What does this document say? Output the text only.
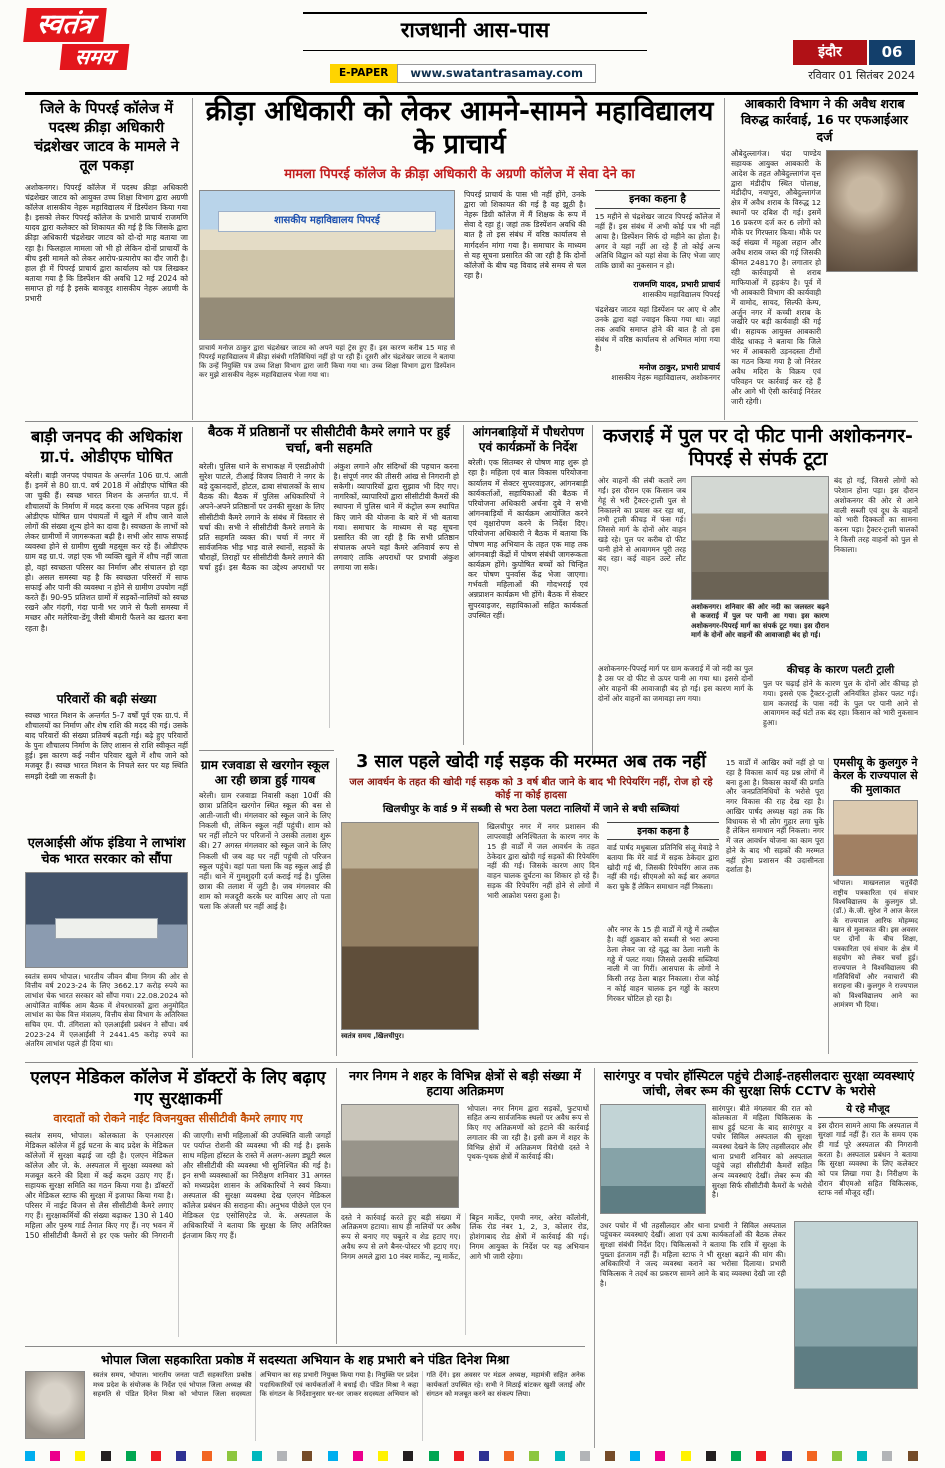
स्वतंत्र समय
राजधानी आस-पास
इंदौर	06
E-PAPER	www.swatantrasamay.com	रविवार 01 सितंबर 2024
जिले के पिपरई कॉलेज में पदस्थ क्रीड़ा अधिकारी चंद्रशेखर जाटव के मामले ने तूल पकड़ा
अशोकनगर। पिपरई कॉलेज में पदस्थ क्रीड़ा अधिकारी चंद्रशेखर जाटव को आयुक्त उच्च शिक्षा विभाग द्वारा अग्रणी कॉलेज शासकीय नेहरू महाविद्यालय में डिस्पेंशन किया गया है। इसको लेकर पिपरई कॉलेज के प्रभारी प्राचार्य राजमणि यादव द्वारा कलेक्टर को शिकायत की गई है कि जिसके द्वारा क्रीड़ा अधिकारी चंद्रशेखर जाटव को दो-दो माह बताया जा रहा है। फिलहाल मामला जो भी हो लेकिन दोनों प्राचार्यों के बीच इसी मामले को लेकर आरोप-प्रत्यारोप का दौर जारी है। हाल ही में पिपरई प्राचार्य द्वारा कार्यालय को पत्र लिखकर बताया गया है कि डिस्पेंशन की अवधि 12 मई 2024 को समाप्त हो गई है इसके बावजूद शासकीय नेहरू अग्रणी के प्रभारी
क्रीड़ा अधिकारी को लेकर आमने-सामने महाविद्यालय के प्राचार्य
मामला पिपरई कॉलेज के क्रीड़ा अधिकारी के अग्रणी कॉलेज में सेवा देने का
शासकीय महाविद्यालय पिपरई
प्राचार्य मनोज ठाकुर द्वारा चंद्रशेखर जाटव को अपने यहां ट्रेस हुए हैं। इस कारण करीब 15 माह से पिपरई महाविद्यालय में क्रीड़ा संबंधी गतिविधियां नहीं हो पा रही हैं। दूसरी ओर चंद्रशेखर जाटव ने बताया कि उन्हें नियुक्ति पत्र उच्च शिक्षा विभाग द्वारा जारी किया गया था। उच्च शिक्षा विभाग द्वारा डिस्पेंशन कर मुझे शासकीय नेहरू महाविद्यालय भेजा गया था।
पिपरई प्राचार्य के पास भी नहीं होंगे, उनके द्वारा जो शिकायत की गई है वह झूठी है। नेहरू डिग्री कॉलेज में मैं शिक्षक के रूप में सेवा दे रहा हूं। जहां तक डिस्पेंशन अवधि की बात है तो इस संबंध में वरिष्ठ कार्यालय से मार्गदर्शन मांगा गया है। समाचार के माध्यम से यह सूचना प्रसारित की जा रही है कि दोनों कॉलेजों के बीच यह विवाद लंबे समय से चल रहा है।
इनका कहना है
15 महीने से चंद्रशेखर जाटव पिपरई कॉलेज में नहीं हैं। इस संबंध में अभी कोई पत्र भी नहीं आया है। डिस्पेंशन सिर्फ दो महीने का होता है। अगर वे यहां नहीं आ रहे हैं तो कोई अन्य अतिथि विद्वान को यहां सेवा के लिए भेजा जाए ताकि छात्रों का नुकसान न हो।
राजमणि यादव, प्रभारी प्राचार्य
शासकीय महाविद्यालय पिपरई
चंद्रशेखर जाटव यहां डिस्पेंशन पर आए थे और उनके द्वारा यहां ज्वाइन किया गया था। जहां तक अवधि समाप्त होने की बात है तो इस संबंध में वरिष्ठ कार्यालय से अभिमत मांगा गया है।
मनोज ठाकुर, प्रभारी प्राचार्य
शासकीय नेहरू महाविद्यालय, अशोकनगर
आबकारी विभाग ने की अवैध शराब विरुद्ध कार्रवाई, 16 पर एफआईआर दर्ज
औबेदुल्लागंज। चंदा पाण्डेय सहायक आयुक्त आबकारी के आदेश के तहत औबेदुल्लागंज वृत्त द्वारा मंडीदीप स्थित पोलाक्ष, मंडीदीप, नयापुरा, औबेदुल्लागंज क्षेत्र में अवैध शराब के विरुद्ध 12 स्थानों पर दबिश दी गई। इसमें 16 प्रकरण दर्ज कर 6 लोगों को मौके पर गिरफ्तार किया। मौके पर कई संख्या में महुआ लहान और अवैध शराब जब्त की गई जिसकी कीमत 248170 है। लगातार हो रही कार्रवाइयों से शराब माफियाओं में हड़कंप है। पूर्व में भी आबकारी विभाग की कार्यवाही में वामोद, सायद, सिल्फी केम्प, अर्जुन नगर में कच्ची शराब के जखीरे पर बड़ी कार्यवाही की गई थी। सहायक आयुक्त आबकारी वीरेंद्र धाकड़ ने बताया कि जिले भर में आबकारी उड़नदस्ता टीमों का गठन किया गया है जो निरंतर अवैध मदिरा के विक्रय एवं परिवहन पर कार्रवाई कर रहे हैं और आगे भी ऐसी कार्रवाई निरंतर जारी रहेगी।
बाड़ी जनपद की अधिकांश ग्रा.पं. ओडीएफ घोषित
बरेली। बाड़ी जनपद पंचायत के अन्तर्गत 106 ग्रा.पं. आती हैं। इनमें से 80 ग्रा.पं. वर्ष 2018 में ओडीएफ घोषित की जा चुकी हैं। स्वच्छ भारत मिशन के अन्तर्गत ग्रा.पं. में शौचालयों के निर्माण में मदद करना एक अभिनव पहल हुई। ओडीएफ घोषित ग्राम पंचायतों में खुले में शौच जाने वाले लोगों की संख्या शून्य होने का दावा है। स्वच्छता के लाभों को लेकर ग्रामीणों में जागरूकता बढ़ी है। सभी ओर साफ सफाई व्यवस्था होने से ग्रामीण सुखी महसूस कर रहे हैं। ओडीएफ ग्राम वह ग्रा.पं. जहां एक भी व्यक्ति खुले में शौच नहीं जाता हो, वहां स्वच्छता परिसर का निर्माण और संचालन हो रहा हो। असल समस्या यह है कि स्वच्छता परिसरों में साफ सफाई और पानी की व्यवस्था न होने से ग्रामीण उपयोग नहीं करते हैं। 90-95 प्रतिशत ग्रामों में सड़कों-नालियों को स्वच्छ रखने और गंदगी, गंदा पानी भर जाने से फैली समस्या में मच्छर और मलेरिया-डेंगू जैसी बीमारी फैलने का खतरा बना रहता है।
परिवारों की बढ़ी संख्या
स्वच्छ भारत मिशन के अन्तर्गत 5-7 वर्षों पूर्व एक ग्रा.पं. में शौचालयों का निर्माण और शेष राशि की मदद की गई। उसके बाद परिवारों की संख्या प्रतिवर्ष बढ़ती गई। बढ़े हुए परिवारों के पुनः शौचालय निर्माण के लिए शासन से राशि स्वीकृत नहीं हुई। इस कारण कई नवीन परिवार खुले में शौच जाने को मजबूर हैं। स्वच्छ भारत मिशन के निचले स्तर पर यह स्थिति समझी देखी जा सकती है।
बैठक में प्रतिष्ठानों पर सीसीटीवी कैमरे लगाने पर हुई चर्चा, बनी सहमति
बरेली। पुलिस थाने के सभाकक्ष में एसडीओपी सुरेश पाटले, टीआई विजय तिवारी ने नगर के बड़े दुकानदारों, होटल, ढाबा संचालकों के साथ बैठक की। बैठक में पुलिस अधिकारियों ने अपने-अपने प्रतिष्ठानों पर उनकी सुरक्षा के लिए सीसीटीवी कैमरे लगाने के संबंध में विस्तार से चर्चा की। सभी ने सीसीटीवी कैमरे लगाने के प्रति सहमति व्यक्त की। चर्चा में नगर में सार्वजनिक भीड़ भाड़ वाले स्थानों, सड़कों के चौराहों, तिराहों पर सीसीटीवी कैमरे लगाने की चर्चा हुई। इस बैठक का उद्देश्य अपराधों पर अंकुश लगाने और संदिग्धों की पहचान करना है। संपूर्ण नगर की तीसरी आंख से निगरानी हो सकेगी। व्यापारियों द्वारा सुझाव भी दिए गए। नागरिकों, व्यापारियों द्वारा सीसीटीवी कैमरों की स्थापना में पुलिस थाने में कंट्रोल रूम स्थापित किए जाने की योजना के बारे में भी बताया गया। समाचार के माध्यम से यह सूचना प्रसारित की जा रही है कि सभी प्रतिष्ठान संचालक अपने यहां कैमरे अनिवार्य रूप से लगवाएं ताकि अपराधों पर प्रभावी अंकुश लगाया जा सके।
आंगनबाड़ियों में पौधरोपण एवं कार्यक्रमों के निर्देश
बरेली। एक सितम्बर से पोषण माह शुरू हो रहा है। महिला एवं बाल विकास परियोजना कार्यालय में सेक्टर सुपरवाइजर, आंगनबाड़ी कार्यकर्ताओं, सहायिकाओं की बैठक में परियोजना अधिकारी अर्चना दुबे ने सभी आंगनबाड़ियों में कार्यक्रम आयोजित करने एवं वृक्षारोपण करने के निर्देश दिए। परियोजना अधिकारी ने बैठक में बताया कि पोषण माह अभियान के तहत एक माह तक आंगनबाड़ी केंद्रों में पोषण संबंधी जागरूकता कार्यक्रम होंगे। कुपोषित बच्चों को चिन्हित कर पोषण पुनर्वास केंद्र भेजा जाएगा। गर्भवती महिलाओं की गोदभराई एवं अन्नप्राशन कार्यक्रम भी होंगे। बैठक में सेक्टर सुपरवाइजर, सहायिकाओं सहित कार्यकर्ता उपस्थित रहीं।
कजराई में पुल पर दो फीट पानी अशोकनगर-पिपरई से संपर्क टूटा
ओर वाहनों की लंबी कतारें लग गईं। इस दौरान एक किसान जब गेहूं से भरी ट्रैक्टर-ट्राली पुल से निकालने का प्रयास कर रहा था, तभी ट्राली कीचड़ में फंस गई। जिससे मार्ग के दोनों ओर वाहन खड़े रहे। पुल पर करीब दो फीट पानी होने से आवागमन पूरी तरह बंद रहा। कई वाहन उल्टे लौट गए।
अशोकनगर। शनिवार की ओर नदी का जलस्तर बढ़ने से कजराई में पुल पर पानी आ गया। इस कारण अशोकनगर-पिपरई मार्ग का संपर्क टूट गया। इस दौरान मार्ग के दोनों ओर वाहनों की आवाजाही बंद हो गई।
बंद हो गई, जिससे लोगों को परेशान होना पड़ा। इस दौरान अशोकनगर की ओर से आने वाली सब्जी एवं दूध के वाहनों को भारी दिक्कतों का सामना करना पड़ा। ट्रैक्टर-ट्राली चालकों ने किसी तरह वाहनों को पुल से निकाला।
अशोकनगर-पिपरई मार्ग पर ग्राम कजराई में जो नदी का पुल है उस पर दो फीट से ऊपर पानी आ गया था। इससे दोनों ओर वाहनों की आवाजाही बंद हो गई। इस कारण मार्ग के दोनों ओर वाहनों का जमावड़ा लग गया।
कीचड़ के कारण पलटी ट्राली
पुल पर चढ़ाई होने के कारण पुल के दोनों ओर कीचड़ हो गया। इससे एक ट्रैक्टर-ट्राली अनियंत्रित होकर पलट गई। ग्राम कजराई के पास नदी के पुल पर पानी आने से आवागमन कई घंटों तक बंद रहा। किसान को भारी नुकसान हुआ।
ग्राम रजवाडा से खरगोन स्कूल आ रही छात्रा हुई गायब
बरेली। ग्राम रजवाडा निवासी कक्षा 10वीं की छात्रा प्रतिदिन खरगोन स्थित स्कूल की बस से आती-जाती थी। मंगलवार को स्कूल जाने के लिए निकली थी, लेकिन स्कूल नहीं पहुंची। शाम को घर नहीं लौटने पर परिजनों ने उसकी तलाश शुरू की। 27 अगस्त मंगलवार को स्कूल जाने के लिए निकली थी जब वह घर नहीं पहुंची तो परिजन स्कूल पहुंचे। वहां पता चला कि वह स्कूल आई ही नहीं। थाने में गुमशुदगी दर्ज कराई गई है। पुलिस छात्रा की तलाश में जुटी है। जब मंगलवार की शाम को मजदूरी करके घर वापिस आए तो पता चला कि अंजली घर नहीं आई है।
3 साल पहले खोदी गई सड़क की मरम्मत अब तक नहीं
जल आवर्धन के तहत की खोदी गई सड़क को 3 वर्ष बीत जाने के बाद भी रिपेयरिंग नहीं, रोज हो रहे कोई ना कोई हादसा
खिलचीपुर के वार्ड 9 में सब्जी से भरा ठेला पलटा नालियों में जाने से बची सब्जियां
स्वतंत्र समय ,खिलचीपुर।
खिलचीपुर नगर में नगर प्रशासन की लापरवाही अनिश्चितता के कारण नगर के 15 ही वार्डों में जल आवर्धन के तहत ठेकेदार द्वारा खोदी गई सड़कों की रिपेयरिंग नहीं की गई। जिसके कारण आए दिन वाहन चालक दुर्घटना का शिकार हो रहे हैं। सड़क की रिपेयरिंग नहीं होने से लोगों में भारी आक्रोश पसरा हुआ है।
इनका कहना है
वार्ड पार्षद मधुबाला प्रतिनिधि संजू मेवाड़े ने बताया कि मेरे वार्ड में सड़क ठेकेदार द्वारा खोदी गई थी, जिसकी रिपेयरिंग आज तक नहीं की गई। सीएमओ को कई बार अवगत करा चुके हैं लेकिन समाधान नहीं निकला।
और नगर के 15 ही वार्डों में गड्ढे में तब्दील है। वहीं शुक्रवार को सब्जी से भरा अपना ठेला लेकर जा रहे वृद्ध का ठेला नाली के गड्ढे में पलट गया। जिससे उसकी सब्जियां नाली में जा गिरीं। आसपास के लोगों ने किसी तरह ठेला बाहर निकाला। रोज कोई न कोई वाहन चालक इन गड्ढों के कारण गिरकर चोटिल हो रहा है।
15 वार्डों में आखिर क्यों नहीं हो पा रहा है विकास कार्य यह प्रश्न लोगों में बना हुआ है। विकास कार्यों की प्रगति और जनप्रतिनिधियों के भरोसे पूरा नगर विकास की राह देख रहा है। आखिर पार्षद अध्यक्ष यहां तक कि विधायक से भी लोग गुहार लगा चुके हैं लेकिन समाधान नहीं निकला। नगर में जल आवर्धन योजना का काम पूरा होने के बाद भी सड़कों की मरम्मत नहीं होना प्रशासन की उदासीनता दर्शाता है।
एमसीयू के कुलगुरु ने केरल के राज्यपाल से की मुलाकात
भोपाल। माखनलाल चतुर्वेदी राष्ट्रीय पत्रकारिता एवं संचार विश्वविद्यालय के कुलगुरु प्रो. (डॉ.) के.जी. सुरेश ने आज केरल के राज्यपाल आरिफ मोहम्मद खान से मुलाकात की। इस अवसर पर दोनों के बीच शिक्षा, पत्रकारिता एवं संचार के क्षेत्र में सहयोग को लेकर चर्चा हुई। राज्यपाल ने विश्वविद्यालय की गतिविधियों और नवाचारों की सराहना की। कुलगुरु ने राज्यपाल को विश्वविद्यालय आने का आमंत्रण भी दिया।
एलआईसी ऑफ इंडिया ने लाभांश चेक भारत सरकार को सौंपा
स्वतंत्र समय भोपाल। भारतीय जीवन बीमा निगम की ओर से वित्तीय वर्ष 2023-24 के लिए 3662.17 करोड़ रुपये का लाभांश चेक भारत सरकार को सौंपा गया। 22.08.2024 को आयोजित वार्षिक आम बैठक में शेयरधारकों द्वारा अनुमोदित लाभांश का चेक वित्त मंत्रालय, वित्तीय सेवा विभाग के अतिरिक्त सचिव एम. पी. तंगिराला को एलआईसी प्रबंधन ने सौंपा। वर्ष 2023-24 में एलआईसी ने 2441.45 करोड़ रुपये का अंतरिम लाभांश पहले ही दिया था।
एलएन मेडिकल कॉलेज में डॉक्टरों के लिए बढ़ाए गए सुरक्षाकर्मी
वारदातों को रोकने नाईट विजनयुक्त सीसीटीवी कैमरे लगाए गए
स्वतंत्र समय, भोपाल। कोलकाता के एनआरएस मेडिकल कॉलेज में हुई घटना के बाद प्रदेश के मेडिकल कॉलेजों में सुरक्षा बढ़ाई जा रही है। एलएन मेडिकल कॉलेज और जे. के. अस्पताल में सुरक्षा व्यवस्था को मजबूत करने की दिशा में कई कदम उठाए गए हैं। सहायक सुरक्षा समिति का गठन किया गया है। डॉक्टरों और मेडिकल स्टाफ की सुरक्षा में इजाफा किया गया है। परिसर में नाईट विजन से लैस सीसीटीवी कैमरे लगाए गए हैं। सुरक्षाकर्मियों की संख्या बढ़ाकर 130 से 140 महिला और पुरुष गार्ड तैनात किए गए हैं। नए भवन में 150 सीसीटीवी कैमरों से हर एक फ्लोर की निगरानी की जाएगी। सभी महिलाओं की उपस्थिति वाली जगहों पर पर्याप्त रोशनी की व्यवस्था भी की गई है। इसके साथ महिला हॉस्टल के रास्ते में अलग-अलग ड्यूटी स्थल और सीसीटीवी की व्यवस्था भी सुनिश्चित की गई है। इन सभी व्यवस्थाओं का निरीक्षण शनिवार 31 अगस्त को मध्यप्रदेश शासन के अधिकारियों ने स्वयं किया। अस्पताल की सुरक्षा व्यवस्था देख एलएन मेडिकल कॉलेज प्रबंधन की सराहना की। अनुभव पीछेले एल एन मेडिकल एंड एसोसिएटेड जे. के. अस्पताल के अधिकारियों ने बताया कि सुरक्षा के लिए अतिरिक्त इंतजाम किए गए हैं।
नगर निगम ने शहर के विभिन्न क्षेत्रों से बड़ी संख्या में हटाया अतिक्रमण
भोपाल। नगर निगम द्वारा सड़कों, फुटपाथों सहित अन्य सार्वजनिक स्थलों पर अवैध रूप से किए गए अतिक्रमणों को हटाने की कार्रवाई लगातार की जा रही है। इसी क्रम में शहर के विभिन्न क्षेत्रों में अतिक्रमण विरोधी दस्ते ने पृथक-पृथक क्षेत्रों में कार्रवाई की।
दस्ते ने कार्रवाई करते हुए बड़ी संख्या में अतिक्रमण हटाया। साथ ही नालियों पर अवैध रूप से बनाए गए चबूतरे व शेड हटाए गए। अवैध रूप से लगे बैनर-पोस्टर भी हटाए गए। निगम अमले द्वारा 10 नंबर मार्केट, न्यू मार्केट, बिट्टन मार्केट, एमपी नगर, अरेरा कॉलोनी, लिंक रोड नंबर 1, 2, 3, कोलार रोड, होशंगाबाद रोड क्षेत्रों में कार्रवाई की गई। निगम आयुक्त के निर्देश पर यह अभियान आगे भी जारी रहेगा।
सारंगपुर व पचोर हॉस्पिटल पहुंचे टीआई-तहसीलदारः सुरक्षा व्यवस्थाएं जांची, लेबर रूम की सुरक्षा सिर्फ CCTV के भरोसे
सारंगपुर। बीते मंगलवार की रात को कोलकाता में महिला चिकित्सक के साथ हुई घटना के बाद सारंगपुर व पचोर सिविल अस्पताल की सुरक्षा व्यवस्था देखने के लिए तहसीलदार और थाना प्रभारी शनिवार को अस्पताल पहुंचे जहां सीसीटीवी कैमरों सहित अन्य व्यवस्थाएं देखीं। लेबर रूम की सुरक्षा सिर्फ सीसीटीवी कैमरों के भरोसे है।
ये रहे मौजूद
इस दौरान सामने आया कि अस्पताल में सुरक्षा गार्ड नहीं हैं। रात के समय एक ही गार्ड पूरे अस्पताल की निगरानी करता है। अस्पताल प्रबंधन ने बताया कि सुरक्षा व्यवस्था के लिए कलेक्टर को पत्र लिखा गया है। निरीक्षण के दौरान बीएमओ सहित चिकित्सक, स्टाफ नर्स मौजूद रहीं।
उधर पचोर में भी तहसीलदार और थाना प्रभारी ने सिविल अस्पताल पहुंचकर व्यवस्थाएं देखीं। आशा एवं ऊषा कार्यकर्ताओं की बैठक लेकर सुरक्षा संबंधी निर्देश दिए। चिकित्सकों ने बताया कि रात्रि में सुरक्षा के पुख्ता इंतजाम नहीं हैं। महिला स्टाफ ने भी सुरक्षा बढ़ाने की मांग की। अधिकारियों ने जल्द व्यवस्था कराने का भरोसा दिलाया। प्रभारी चिकित्सक ने तदर्थ का प्रकरण सामने आने के बाद व्यवस्था देखी जा रही है।
भोपाल जिला सहकारिता प्रकोष्ठ में सदस्यता अभियान के शह प्रभारी बने पंडित दिनेश मिश्रा
स्वतंत्र समय, भोपाल। भारतीय जनता पार्टी सहकारिता प्रकोष्ठ मध्य प्रदेश के संयोजक के निर्देश एवं भोपाल जिला अध्यक्ष की सहमति से पंडित दिनेश मिश्रा को भोपाल जिला सदस्यता अभियान का सह प्रभारी नियुक्त किया गया है। नियुक्ति पर प्रदेश पदाधिकारियों एवं कार्यकर्ताओं ने बधाई दी। पंडित मिश्रा ने कहा कि संगठन के निर्देशानुसार घर-घर जाकर सदस्यता अभियान को गति देंगे। इस अवसर पर मंडल अध्यक्ष, महामंत्री सहित अनेक कार्यकर्ता उपस्थित रहे। सभी ने मिठाई बांटकर खुशी जताई और संगठन को मजबूत करने का संकल्प लिया।
